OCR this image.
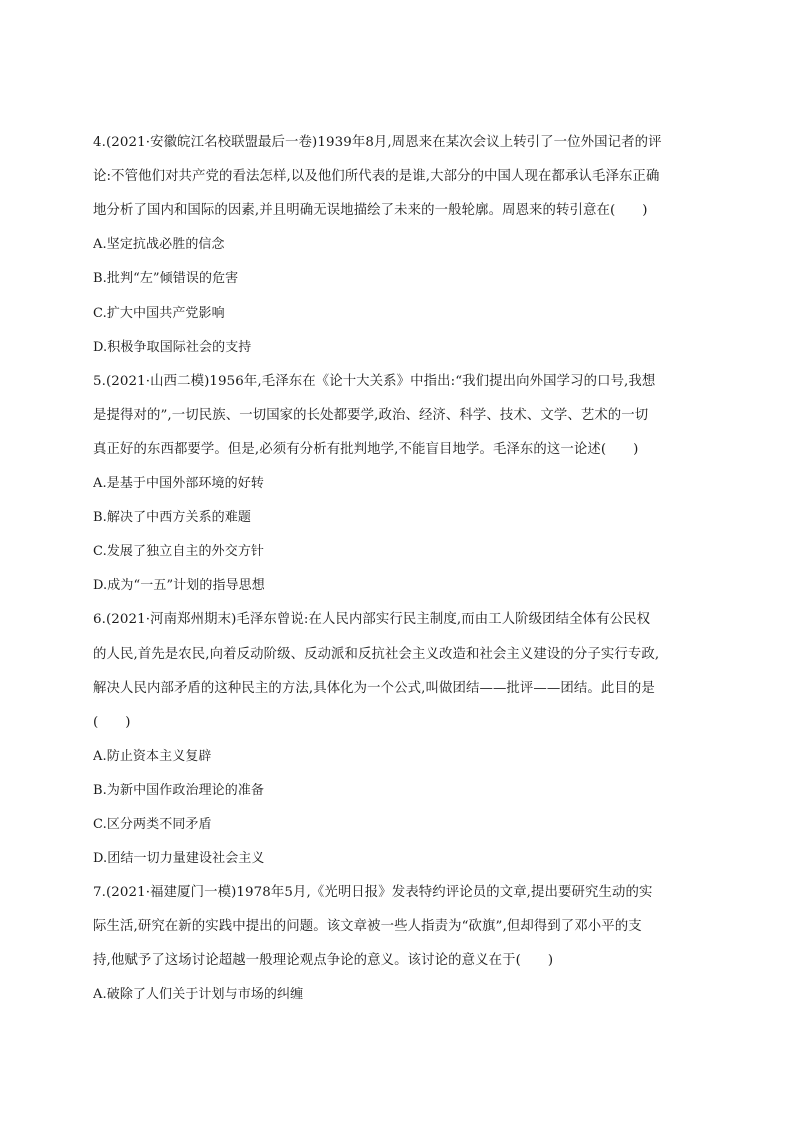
4.(2021·安徽皖江名校联盟最后一卷)1939年8月,周恩来在某次会议上转引了一位外国记者的评
论:不管他们对共产党的看法怎样,以及他们所代表的是谁,大部分的中国人现在都承认毛泽东正确
地分析了国内和国际的因素,并且明确无误地描绘了未来的一般轮廓。周恩来的转引意在(　　)
A.坚定抗战必胜的信念
B.批判“左”倾错误的危害
C.扩大中国共产党影响
D.积极争取国际社会的支持
5.(2021·山西二模)1956年,毛泽东在《论十大关系》中指出:“我们提出向外国学习的口号,我想
是提得对的”,一切民族、一切国家的长处都要学,政治、经济、科学、技术、文学、艺术的一切
真正好的东西都要学。但是,必须有分析有批判地学,不能盲目地学。毛泽东的这一论述(　　)
A.是基于中国外部环境的好转
B.解决了中西方关系的难题
C.发展了独立自主的外交方针
D.成为“一五”计划的指导思想
6.(2021·河南郑州期末)毛泽东曾说:在人民内部实行民主制度,而由工人阶级团结全体有公民权
的人民,首先是农民,向着反动阶级、反动派和反抗社会主义改造和社会主义建设的分子实行专政,
解决人民内部矛盾的这种民主的方法,具体化为一个公式,叫做团结——批评——团结。此目的是
(　　)
A.防止资本主义复辟
B.为新中国作政治理论的准备
C.区分两类不同矛盾
D.团结一切力量建设社会主义
7.(2021·福建厦门一模)1978年5月,《光明日报》发表特约评论员的文章,提出要研究生动的实
际生活,研究在新的实践中提出的问题。该文章被一些人指责为“砍旗”,但却得到了邓小平的支
持,他赋予了这场讨论超越一般理论观点争论的意义。该讨论的意义在于(　　)
A.破除了人们关于计划与市场的纠缠
